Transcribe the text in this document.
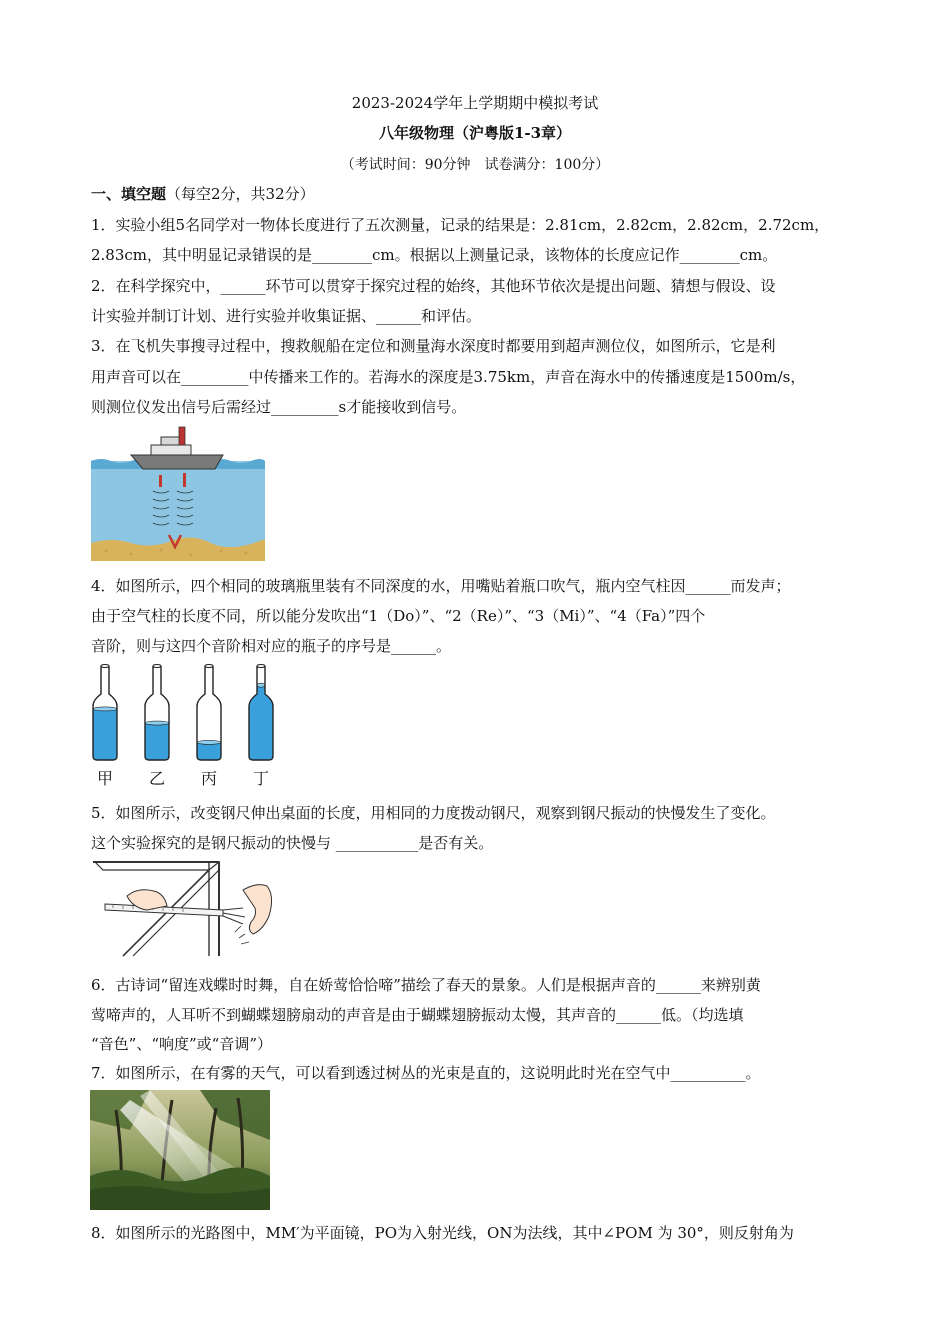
2023-2024学年上学期期中模拟考试
八年级物理（沪粤版1-3章）
（考试时间：90分钟　试卷满分：100分）
一、填空题（每空2分，共32分）
1．实验小组5名同学对一物体长度进行了五次测量，记录的结果是：2.81cm，2.82cm，2.82cm，2.72cm，
2.83cm，其中明显记录错误的是________cm。根据以上测量记录，该物体的长度应记作________cm。
2．在科学探究中，______环节可以贯穿于探究过程的始终，其他环节依次是提出问题、猜想与假设、设
计实验并制订计划、进行实验并收集证据、______和评估。
3．在飞机失事搜寻过程中，搜救舰船在定位和测量海水深度时都要用到超声测位仪，如图所示，它是利
用声音可以在_________中传播来工作的。若海水的深度是3.75km，声音在海水中的传播速度是1500m/s，
则测位仪发出信号后需经过_________s才能接收到信号。
4．如图所示，四个相同的玻璃瓶里装有不同深度的水，用嘴贴着瓶口吹气，瓶内空气柱因______而发声；
由于空气柱的长度不同，所以能分发吹出“1（Do）”、“2（Re）”、“3（Mi）”、“4（Fa）”四个
音阶，则与这四个音阶相对应的瓶子的序号是______。
甲 乙 丙 丁
5．如图所示，改变钢尺伸出桌面的长度，用相同的力度拨动钢尺，观察到钢尺振动的快慢发生了变化。
这个实验探究的是钢尺振动的快慢与 ___________是否有关。
6．古诗词“留连戏蝶时时舞，自在娇莺恰恰啼”描绘了春天的景象。人们是根据声音的______来辨别黄
莺啼声的，人耳听不到蝴蝶翅膀扇动的声音是由于蝴蝶翅膀振动太慢，其声音的______低。（均选填
“音色”、“响度”或“音调”）
7．如图所示，在有雾的天气，可以看到透过树丛的光束是直的，这说明此时光在空气中__________。
8．如图所示的光路图中，MM′为平面镜，PO为入射光线，ON为法线，其中∠POM 为 30°，则反射角为
